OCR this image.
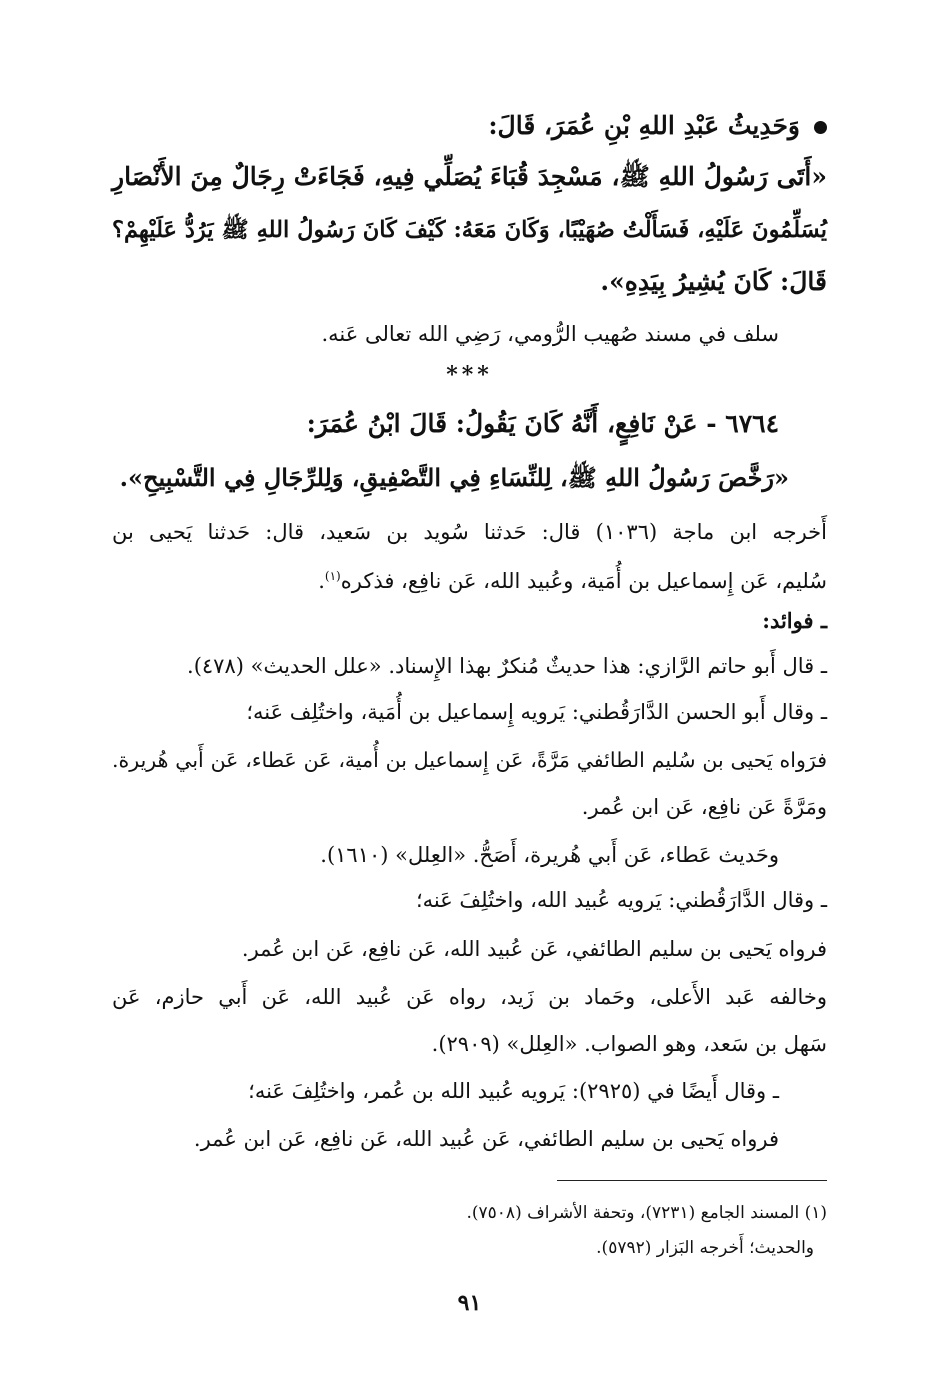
وَحَدِيثُ عَبْدِ اللهِ بْنِ عُمَرَ، قَالَ:
«أَتَى رَسُولُ اللهِ ﷺ، مَسْجِدَ قُبَاءَ يُصَلِّي فِيهِ، فَجَاءَتْ رِجَالٌ مِنَ الأَنْصَارِ
يُسَلِّمُونَ عَلَيْهِ، فَسَأَلْتُ صُهَيْبًا، وَكَانَ مَعَهُ: كَيْفَ كَانَ رَسُولُ اللهِ ﷺ يَرُدُّ عَلَيْهِمْ؟
قَالَ: كَانَ يُشِيرُ بِيَدِهِ».
سلف في مسند صُهيب الرُّومي، رَضِي الله تعالى عَنه.
***
٦٧٦٤ - عَنْ نَافِعٍ، أَنَّهُ كَانَ يَقُولُ: قَالَ ابْنُ عُمَرَ:
«رَخَّصَ رَسُولُ اللهِ ﷺ، لِلنِّسَاءِ فِي التَّصْفِيقِ، وَلِلرِّجَالِ فِي التَّسْبِيحِ».
أَخرجه ابن ماجة (١٠٣٦) قال: حَدثنا سُويد بن سَعيد، قال: حَدثنا يَحيى بن
سُليم، عَن إِسماعيل بن أُمَية، وعُبيد الله، عَن نافِع، فذكره$^{(١)}$.
ـ فوائد:
ـ قال أَبو حاتم الرَّازي: هذا حديثٌ مُنكرٌ بهذا الإِسناد. «علل الحديث» (٤٧٨).
ـ وقال أَبو الحسن الدَّارَقُطني: يَرويه إِسماعيل بن أُمَية، واختُلِف عَنه؛
فرَواه يَحيى بن سُليم الطائفي مَرَّةً، عَن إِسماعيل بن أُمية، عَن عَطاء، عَن أَبي هُريرة.
ومَرَّةً عَن نافِع، عَن ابن عُمر.
وحَديث عَطاء، عَن أَبي هُريرة، أَصَحُّ. «العِلل» (١٦١٠).
ـ وقال الدَّارَقُطني: يَرويه عُبيد الله، واختُلِفَ عَنه؛
فرواه يَحيى بن سليم الطائفي، عَن عُبيد الله، عَن نافِع، عَن ابن عُمر.
وخالفه عَبد الأَعلى، وحَماد بن زَيد، رواه عَن عُبيد الله، عَن أَبي حازم، عَن
سَهل بن سَعد، وهو الصواب. «العِلل» (٢٩٠٩).
ـ وقال أَيضًا في (٢٩٢٥): يَرويه عُبيد الله بن عُمر، واختُلِفَ عَنه؛
فرواه يَحيى بن سليم الطائفي، عَن عُبيد الله، عَن نافِع، عَن ابن عُمر.
(١) المسند الجامع (٧٢٣١)، وتحفة الأشراف (٧٥٠٨).
والحديث؛ أَخرجه البَزار (٥٧٩٢).
٩١
